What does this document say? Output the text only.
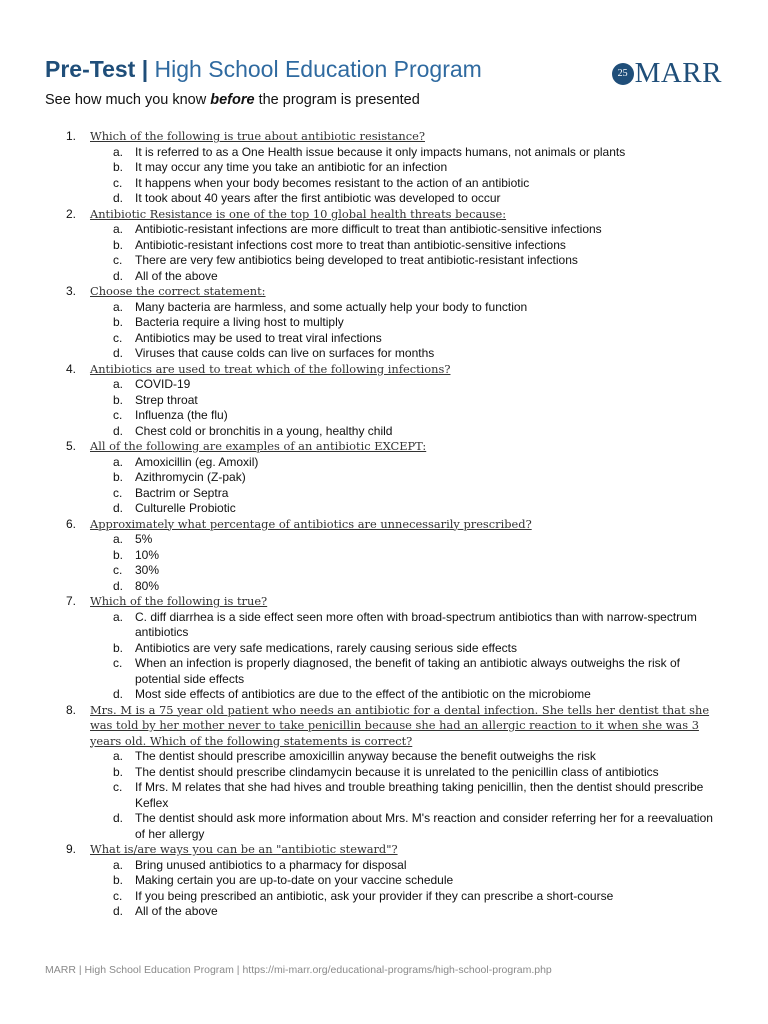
Pre-Test | High School Education Program	25 MARR
See how much you know before the program is presented
1. Which of the following is true about antibiotic resistance?
a. It is referred to as a One Health issue because it only impacts humans, not animals or plants
b. It may occur any time you take an antibiotic for an infection
c. It happens when your body becomes resistant to the action of an antibiotic
d. It took about 40 years after the first antibiotic was developed to occur
2. Antibiotic Resistance is one of the top 10 global health threats because:
a. Antibiotic-resistant infections are more difficult to treat than antibiotic-sensitive infections
b. Antibiotic-resistant infections cost more to treat than antibiotic-sensitive infections
c. There are very few antibiotics being developed to treat antibiotic-resistant infections
d. All of the above
3. Choose the correct statement:
a. Many bacteria are harmless, and some actually help your body to function
b. Bacteria require a living host to multiply
c. Antibiotics may be used to treat viral infections
d. Viruses that cause colds can live on surfaces for months
4. Antibiotics are used to treat which of the following infections?
a. COVID-19
b. Strep throat
c. Influenza (the flu)
d. Chest cold or bronchitis in a young, healthy child
5. All of the following are examples of an antibiotic EXCEPT:
a. Amoxicillin (eg. Amoxil)
b. Azithromycin (Z-pak)
c. Bactrim or Septra
d. Culturelle Probiotic
6. Approximately what percentage of antibiotics are unnecessarily prescribed?
a. 5%
b. 10%
c. 30%
d. 80%
7. Which of the following is true?
a. C. diff diarrhea is a side effect seen more often with broad-spectrum antibiotics than with narrow-spectrum antibiotics
b. Antibiotics are very safe medications, rarely causing serious side effects
c. When an infection is properly diagnosed, the benefit of taking an antibiotic always outweighs the risk of potential side effects
d. Most side effects of antibiotics are due to the effect of the antibiotic on the microbiome
8. Mrs. M is a 75 year old patient who needs an antibiotic for a dental infection. She tells her dentist that she was told by her mother never to take penicillin because she had an allergic reaction to it when she was 3 years old. Which of the following statements is correct?
a. The dentist should prescribe amoxicillin anyway because the benefit outweighs the risk
b. The dentist should prescribe clindamycin because it is unrelated to the penicillin class of antibiotics
c. If Mrs. M relates that she had hives and trouble breathing taking penicillin, then the dentist should prescribe Keflex
d. The dentist should ask more information about Mrs. M's reaction and consider referring her for a reevaluation of her allergy
9. What is/are ways you can be an "antibiotic steward"?
a. Bring unused antibiotics to a pharmacy for disposal
b. Making certain you are up-to-date on your vaccine schedule
c. If you being prescribed an antibiotic, ask your provider if they can prescribe a short-course
d. All of the above
MARR | High School Education Program | https://mi-marr.org/educational-programs/high-school-program.php
